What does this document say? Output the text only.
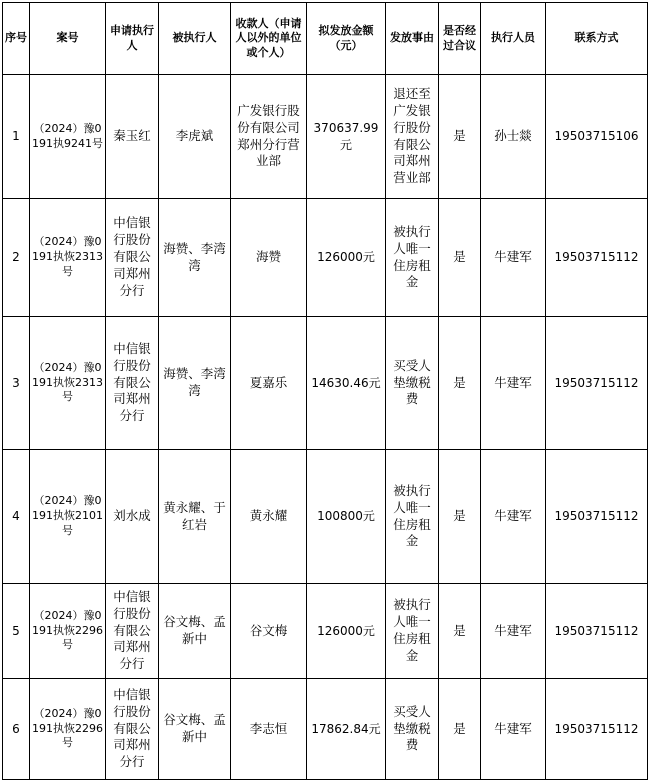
序号	案号	申请执行人	被执行人	收款人（申请人以外的单位或个人）	拟发放金额（元）	发放事由	是否经过合议	执行人员	联系方式
1	（2024）豫0191执9241号	秦玉红	李虎斌	广发银行股份有限公司郑州分行营业部	370637.99元	退还至广发银行股份有限公司郑州营业部	是	孙士燚	19503715106
2	（2024）豫0191执恢2313号	中信银行股份有限公司郑州分行	海赞、李湾湾	海赞	126000元	被执行人唯一住房租金	是	牛建军	19503715112
3	（2024）豫0191执恢2313号	中信银行股份有限公司郑州分行	海赞、李湾湾	夏嘉乐	14630.46元	买受人垫缴税费	是	牛建军	19503715112
4	（2024）豫0191执恢2101号	刘水成	黄永耀、于红岩	黄永耀	100800元	被执行人唯一住房租金	是	牛建军	19503715112
5	（2024）豫0191执恢2296号	中信银行股份有限公司郑州分行	谷文梅、孟新中	谷文梅	126000元	被执行人唯一住房租金	是	牛建军	19503715112
6	（2024）豫0191执恢2296号	中信银行股份有限公司郑州分行	谷文梅、孟新中	李志恒	17862.84元	买受人垫缴税费	是	牛建军	19503715112
